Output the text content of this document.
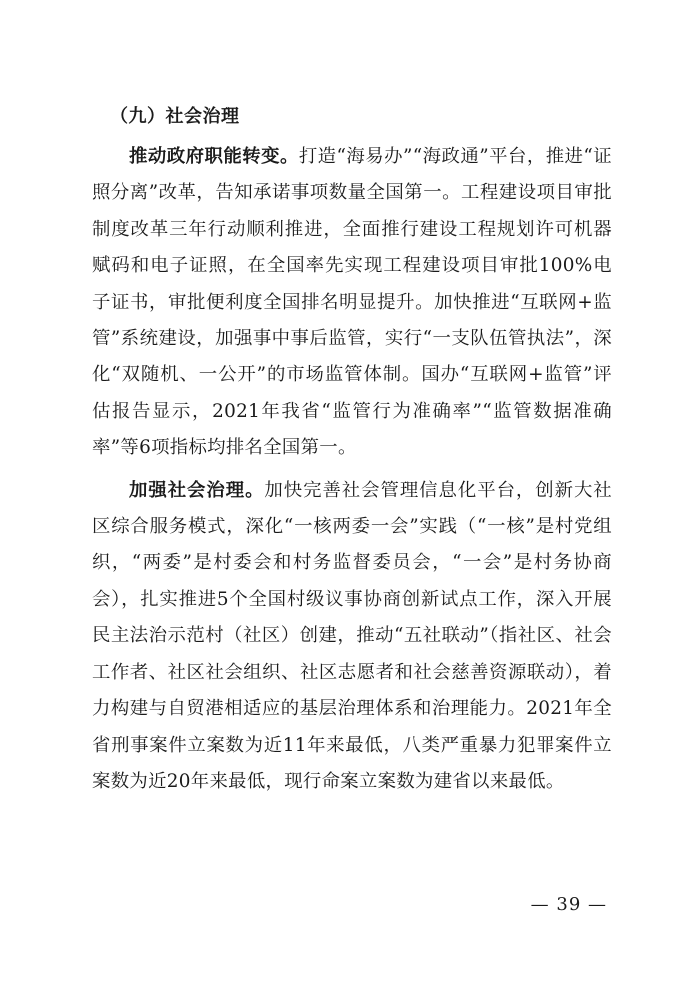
（九）社会治理

推动政府职能转变。打造“海易办”“海政通”平台，推进“证照分离”改革，告知承诺事项数量全国第一。工程建设项目审批制度改革三年行动顺利推进，全面推行建设工程规划许可机器赋码和电子证照，在全国率先实现工程建设项目审批100%电子证书，审批便利度全国排名明显提升。加快推进“互联网+监管”系统建设，加强事中事后监管，实行“一支队伍管执法”，深化“双随机、一公开”的市场监管体制。国办“互联网+监管”评估报告显示，2021年我省“监管行为准确率”“监管数据准确率”等6项指标均排名全国第一。

加强社会治理。加快完善社会管理信息化平台，创新大社区综合服务模式，深化“一核两委一会”实践（“一核”是村党组织，“两委”是村委会和村务监督委员会，“一会”是村务协商会），扎实推进5个全国村级议事协商创新试点工作，深入开展民主法治示范村（社区）创建，推动“五社联动”（指社区、社会工作者、社区社会组织、社区志愿者和社会慈善资源联动），着力构建与自贸港相适应的基层治理体系和治理能力。2021年全省刑事案件立案数为近11年来最低，八类严重暴力犯罪案件立案数为近20年来最低，现行命案立案数为建省以来最低。

— 39 —
